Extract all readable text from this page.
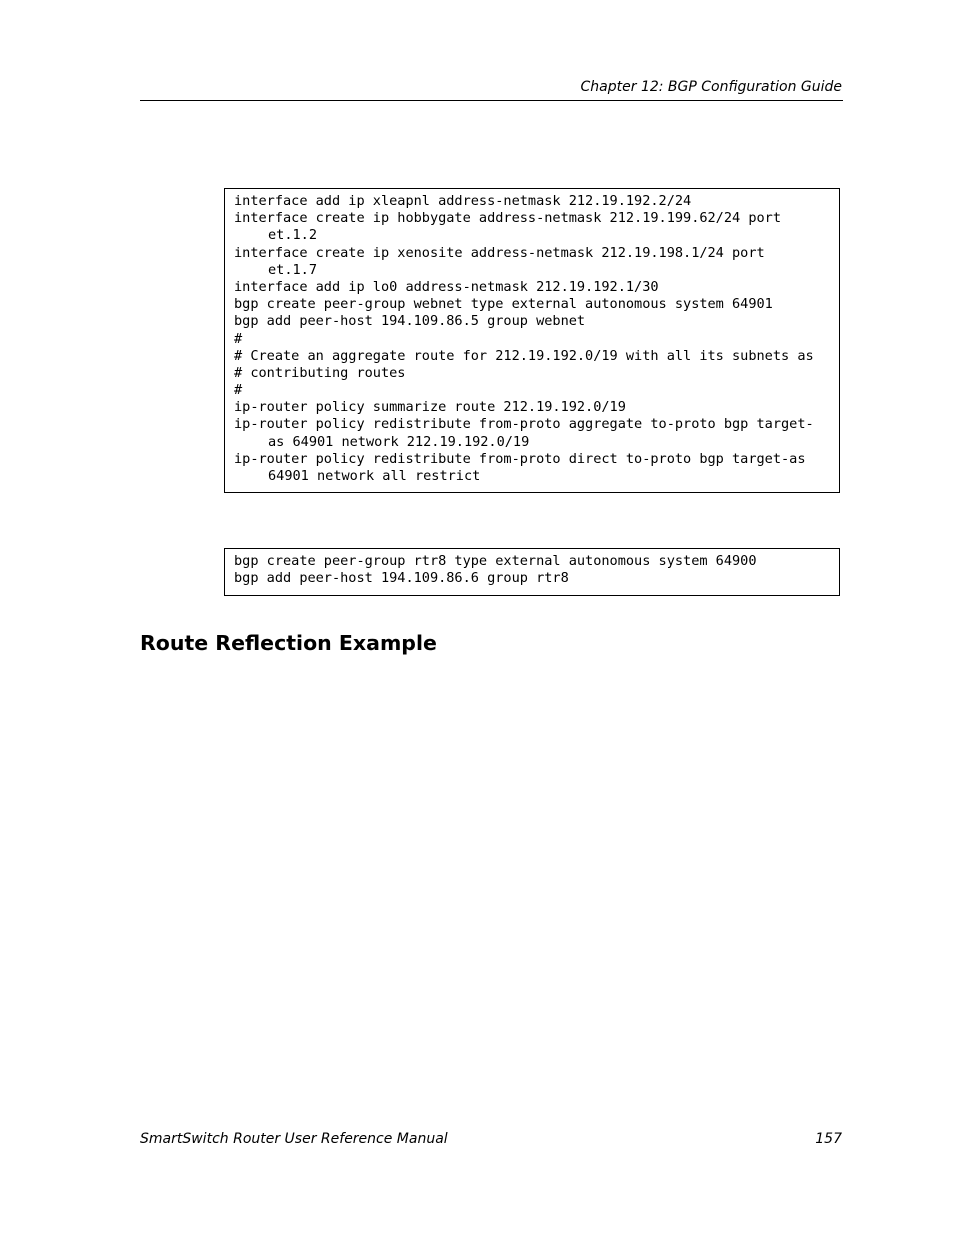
Chapter 12: BGP Configuration Guide
interface add ip xleapnl address-netmask 212.19.192.2/24
interface create ip hobbygate address-netmask 212.19.199.62/24 port
et.1.2
interface create ip xenosite address-netmask 212.19.198.1/24 port
et.1.7
interface add ip lo0 address-netmask 212.19.192.1/30
bgp create peer-group webnet type external autonomous system 64901
bgp add peer-host 194.109.86.5 group webnet
#
# Create an aggregate route for 212.19.192.0/19 with all its subnets as
# contributing routes
#
ip-router policy summarize route 212.19.192.0/19
ip-router policy redistribute from-proto aggregate to-proto bgp target-
as 64901 network 212.19.192.0/19
ip-router policy redistribute from-proto direct to-proto bgp target-as
64901 network all restrict
bgp create peer-group rtr8 type external autonomous system 64900
bgp add peer-host 194.109.86.6 group rtr8
Route Reflection Example
SmartSwitch Router User Reference Manual	157
